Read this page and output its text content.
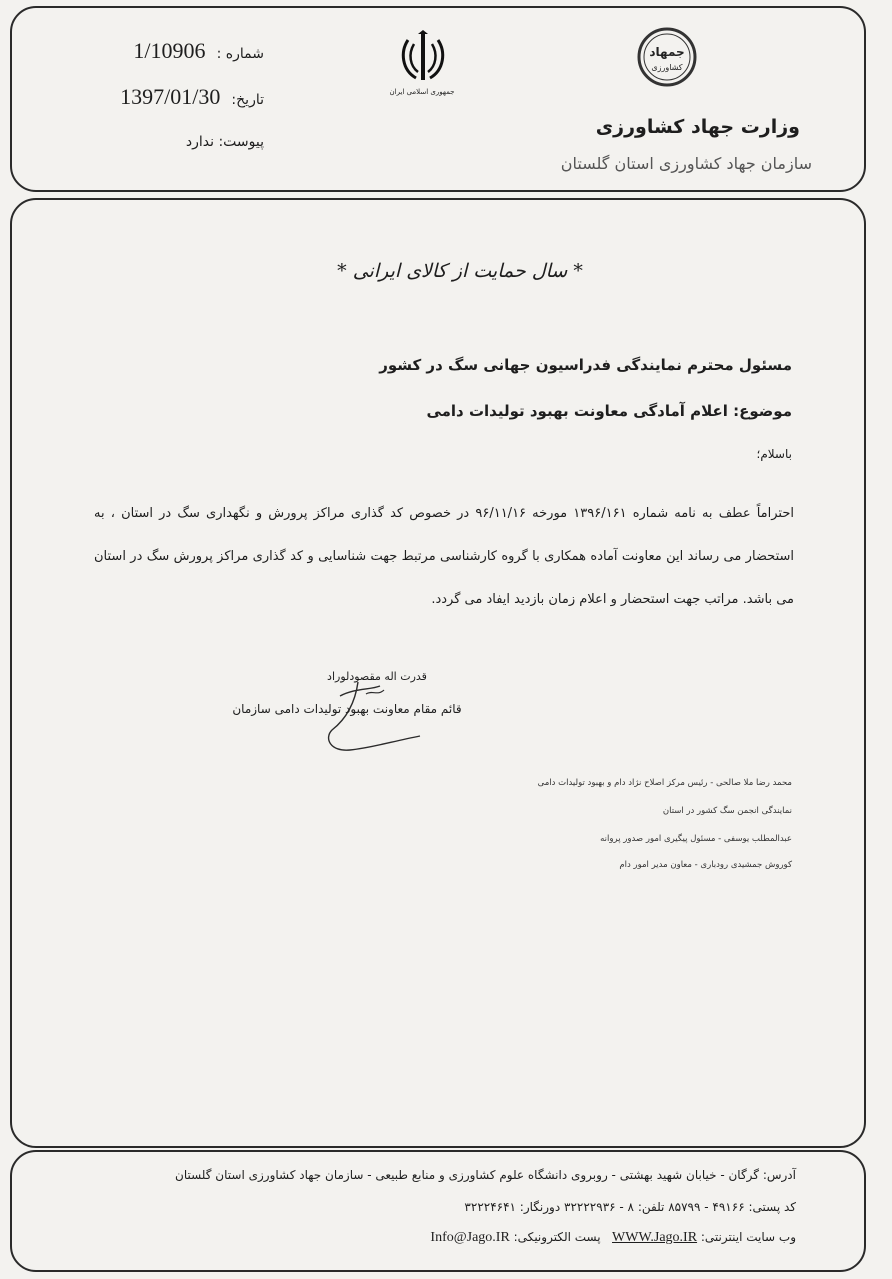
شماره : 1/10906
تاریخ: 1397/01/30
پیوست: ندارد
جمهوری اسلامی ایران
جمهاد
کشاورزی
وزارت جهاد کشاورزی
سازمان جهاد کشاورزی استان گلستان
* سال حمایت از کالای ایرانی *
مسئول محترم نمایندگی فدراسیون جهانی سگ در کشور
موضوع: اعلام آمادگی معاونت بهبود تولیدات دامی
باسلام؛
احتراماً عطف به نامه شماره ۱۳۹۶/۱۶۱ مورخه ۹۶/۱۱/۱۶ در خصوص کد گذاری مراکز پرورش و نگهداری سگ در استان ، به استحضار می رساند این معاونت آماده همکاری با گروه کارشناسی مرتبط جهت شناسایی و کد گذاری مراکز پرورش سگ در استان می باشد. مراتب جهت استحضار و اعلام زمان بازدید ایفاد می گردد.
قدرت اله مقصودلوراد
قائم مقام معاونت بهبود تولیدات دامی سازمان
محمد رضا ملا صالحی - رئیس مرکز اصلاح نژاد دام و بهبود تولیدات دامی
نمایندگی انجمن سگ کشور در استان
عبدالمطلب یوسفی - مسئول پیگیری امور صدور پروانه
کوروش جمشیدی رودباری - معاون مدیر امور دام
آدرس: گرگان - خیابان شهید بهشتی - روبروی دانشگاه علوم کشاورزی و منابع طبیعی - سازمان جهاد کشاورزی استان گلستان
کد پستی: ۴۹۱۶۶ - ۸۵۷۹۹ تلفن: ۸ - ۳۲۲۲۲۹۳۶ دورنگار: ۳۲۲۲۴۶۴۱
وب سایت اینترنتی: WWW.Jago.IR   پست الکترونیکی: Info@Jago.IR
